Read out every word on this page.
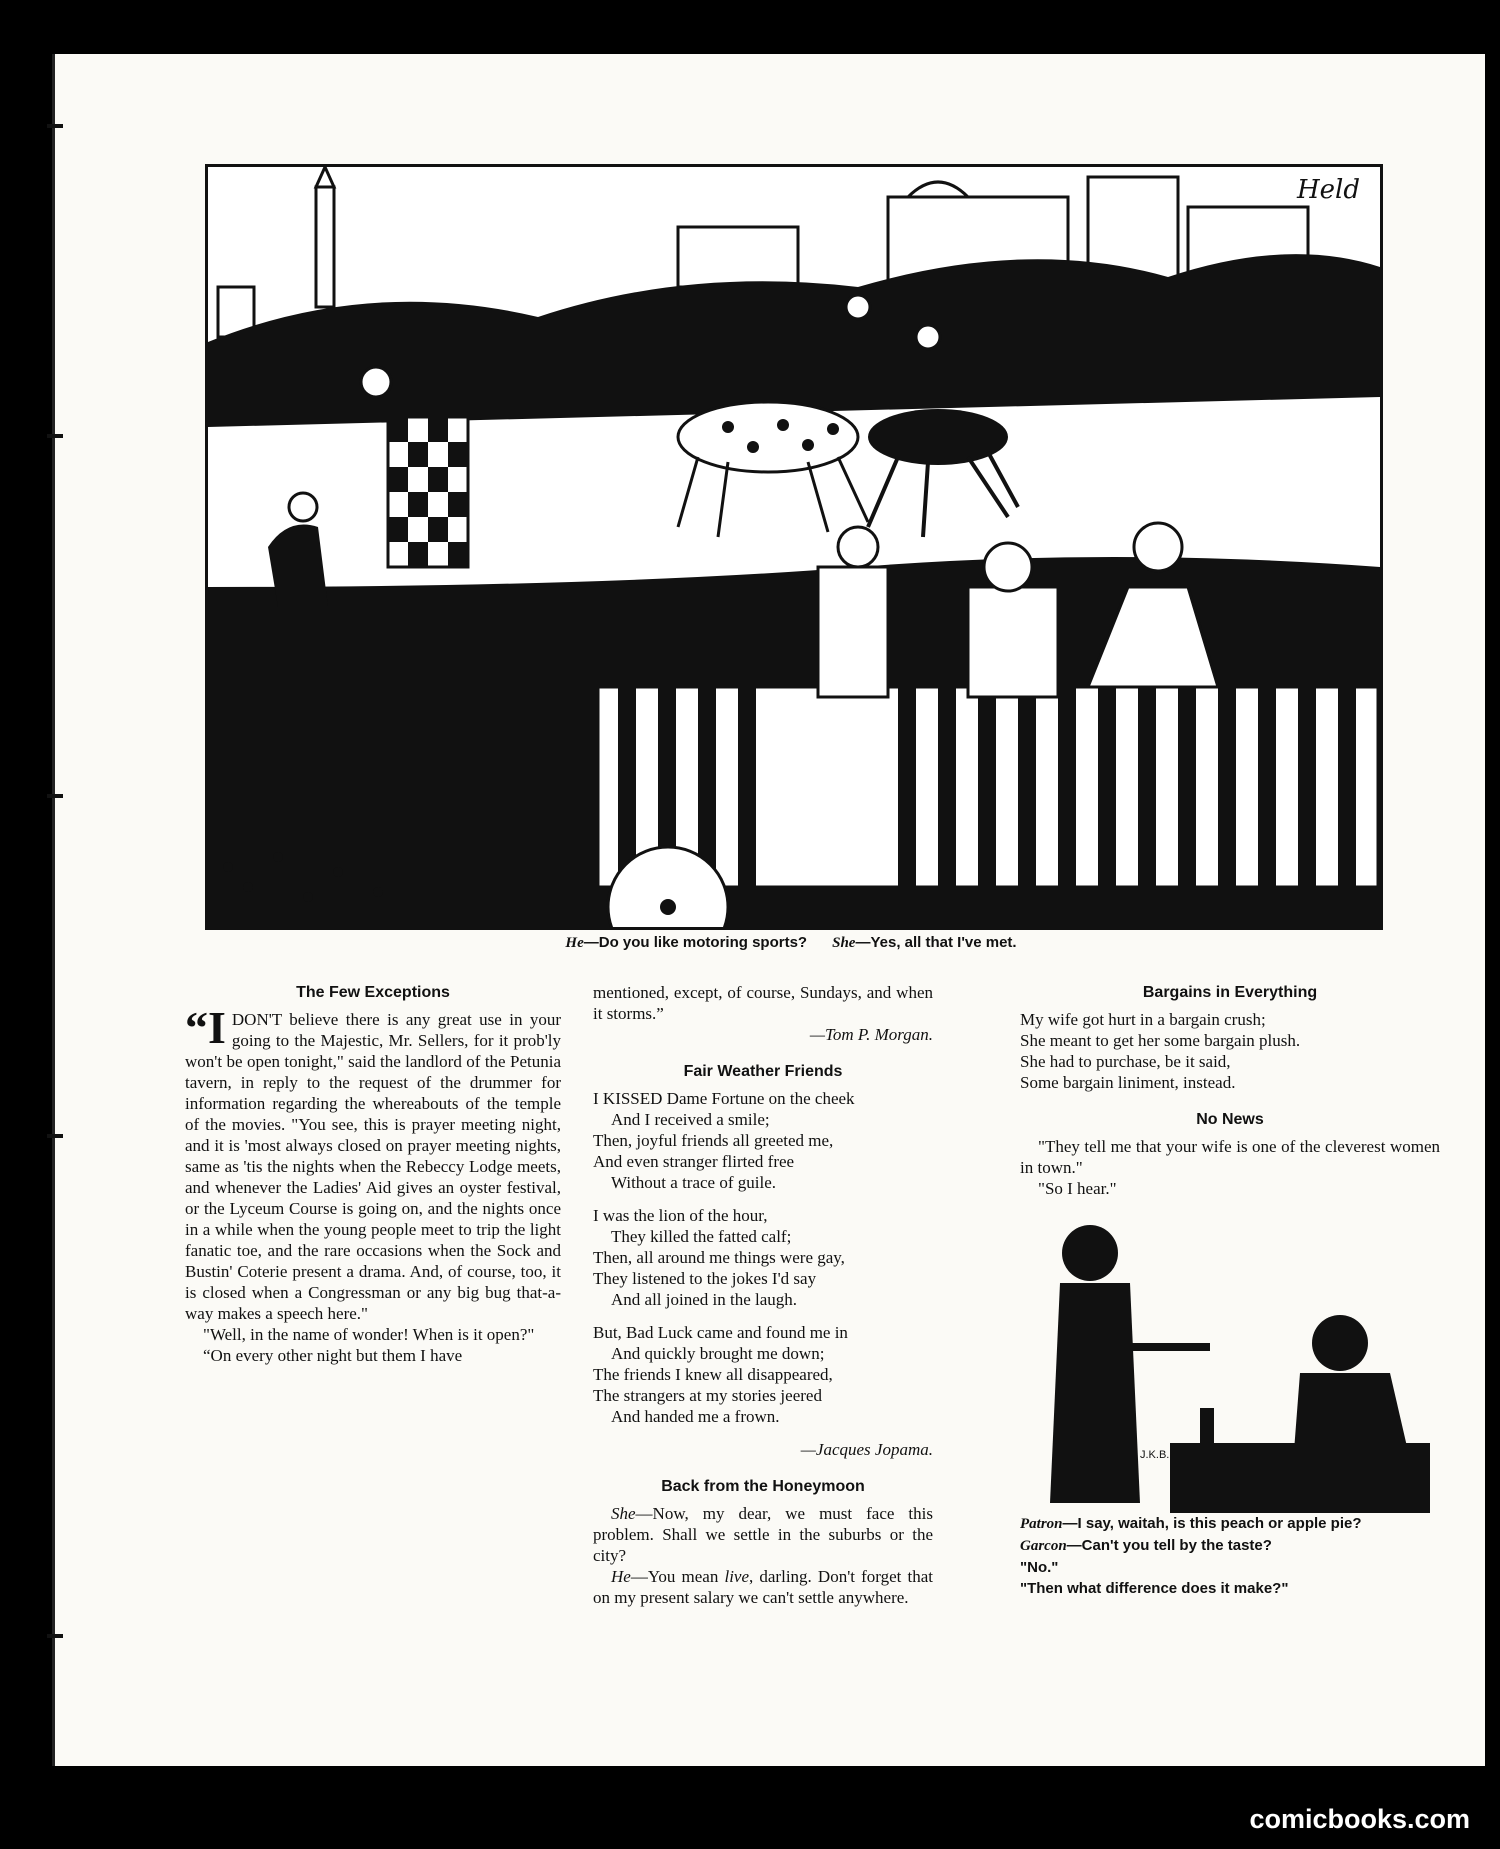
Held
He—Do you like motoring sports? She—Yes, all that I've met.
The Few Exceptions

“I DON'T believe there is any great use in your going to the Majestic, Mr. Sellers, for it prob'ly won't be open tonight," said the landlord of the Petunia tavern, in reply to the request of the drummer for information regarding the whereabouts of the temple of the movies. "You see, this is prayer meeting night, and it is 'most always closed on prayer meeting nights, same as 'tis the nights when the Rebeccy Lodge meets, and whenever the Ladies' Aid gives an oyster festival, or the Lyceum Course is going on, and the nights once in a while when the young people meet to trip the light fanatic toe, and the rare occasions when the Sock and Bustin' Coterie present a drama. And, of course, too, it is closed when a Congressman or any big bug that-a-way makes a speech here."

"Well, in the name of wonder! When is it open?"

“On every other night but them I have

mentioned, except, of course, Sundays, and when it storms.”

—Tom P. Morgan.

Fair Weather Friends

I KISSED Dame Fortune on the cheek

And I received a smile;

Then, joyful friends all greeted me,

And even stranger flirted free

Without a trace of guile.

I was the lion of the hour,

They killed the fatted calf;

Then, all around me things were gay,

They listened to the jokes I'd say

And all joined in the laugh.

But, Bad Luck came and found me in

And quickly brought me down;

The friends I knew all disappeared,

The strangers at my stories jeered

And handed me a frown.

—Jacques Jopama.

Back from the Honeymoon

She—Now, my dear, we must face this problem. Shall we settle in the suburbs or the city?

He—You mean live, darling. Don't forget that on my present salary we can't settle anywhere.

Bargains in Everything

My wife got hurt in a bargain crush;

She meant to get her some bargain plush.

She had to purchase, be it said,

Some bargain liniment, instead.

No News

"They tell me that your wife is one of the cleverest women in town."

"So I hear."

J.K.B.

Patron—I say, waitah, is this peach or apple pie?

Garcon—Can't you tell by the taste?

"No."

"Then what difference does it make?"

comicbooks.com
